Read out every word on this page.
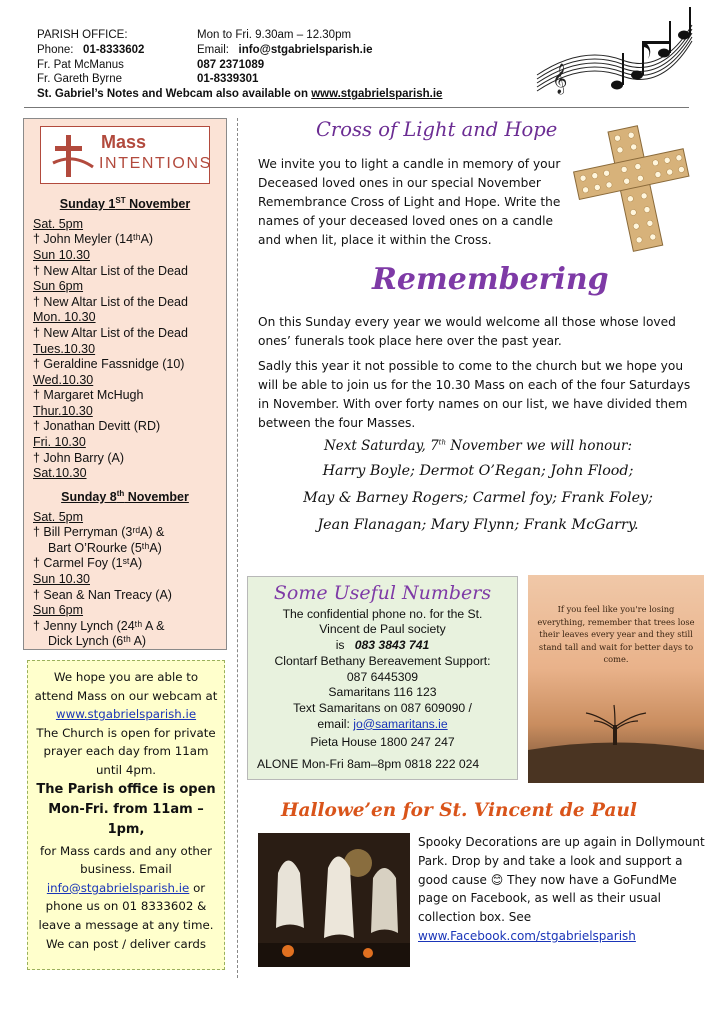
PARISH OFFICE:	Mon to Fri. 9.30am – 12.30pm
Phone: 01-8333602	Email: info@stgabrielsparish.ie
Fr. Pat McManus	087 2371089
Fr. Gareth Byrne	01-8339301
St. Gabriel’s Notes and Webcam also available on www.stgabrielsparish.ie
𝄞
Mass
INTENTIONS
Sunday 1ST November
Sat. 5pm
† John Meyler (14ᵗʰA)
Sun 10.30
† New Altar List of the Dead
Sun 6pm
† New Altar List of the Dead
Mon. 10.30
† New Altar List of the Dead
Tues.10.30
† Geraldine Fassnidge (10)
Wed.10.30
† Margaret McHugh
Thur.10.30
† Jonathan Devitt (RD)
Fri. 10.30
† John Barry (A)
Sat.10.30
Sunday 8th November
Sat. 5pm
† Bill Perryman (3ʳᵈA) &
Bart O’Rourke (5ᵗʰA)
† Carmel Foy (1ˢᵗA)
Sun 10.30
† Sean & Nan Treacy (A)
Sun 6pm
† Jenny Lynch (24ᵗʰ A &
Dick Lynch (6ᵗʰ A)
We hope you are able to attend Mass on our webcam at www.stgabrielsparish.ie
The Church is open for private prayer each day from 11am until 4pm.
The Parish office is open Mon-Fri. from 11am – 1pm,
for Mass cards and any other business. Email info@stgabrielsparish.ie or phone us on 01 8333602 & leave a message at any time. We can post / deliver cards
Cross of Light and Hope
We invite you to light a candle in memory of your Deceased loved ones in our special November Remembrance Cross of Light and Hope. Write the names of your deceased loved ones on a candle and when lit, place it within the Cross.
Remembering
On this Sunday every year we would welcome all those whose loved ones’ funerals took place here over the past year.
Sadly this year it not possible to come to the church but we hope you will be able to join us for the 10.30 Mass on each of the four Saturdays in November. With over forty names on our list, we have divided them between the four Masses.
Next Saturday, 7th November we will honour:
Harry Boyle; Dermot O’Regan; John Flood;
May & Barney Rogers; Carmel foy; Frank Foley;
Jean Flanagan; Mary Flynn; Frank McGarry.
Some Useful Numbers
The confidential phone no. for the St. Vincent de Paul society
is 083 3843 741
Clontarf Bethany Bereavement Support:
087 6445309
Samaritans 116 123
Text Samaritans on 087 609090 /
email: jo@samaritans.ie
Pieta House 1800 247 247
ALONE Mon-Fri 8am–8pm 0818 222 024
If you feel like you're losing everything, remember that trees lose their leaves every year and they still stand tall and wait for better days to come.
Hallowe’en for St. Vincent de Paul
Spooky Decorations are up again in Dollymount Park. Drop by and take a look and support a good cause 😊 They now have a GoFundMe page on Facebook, as well as their usual collection box. See www.Facebook.com/stgabrielsparish
